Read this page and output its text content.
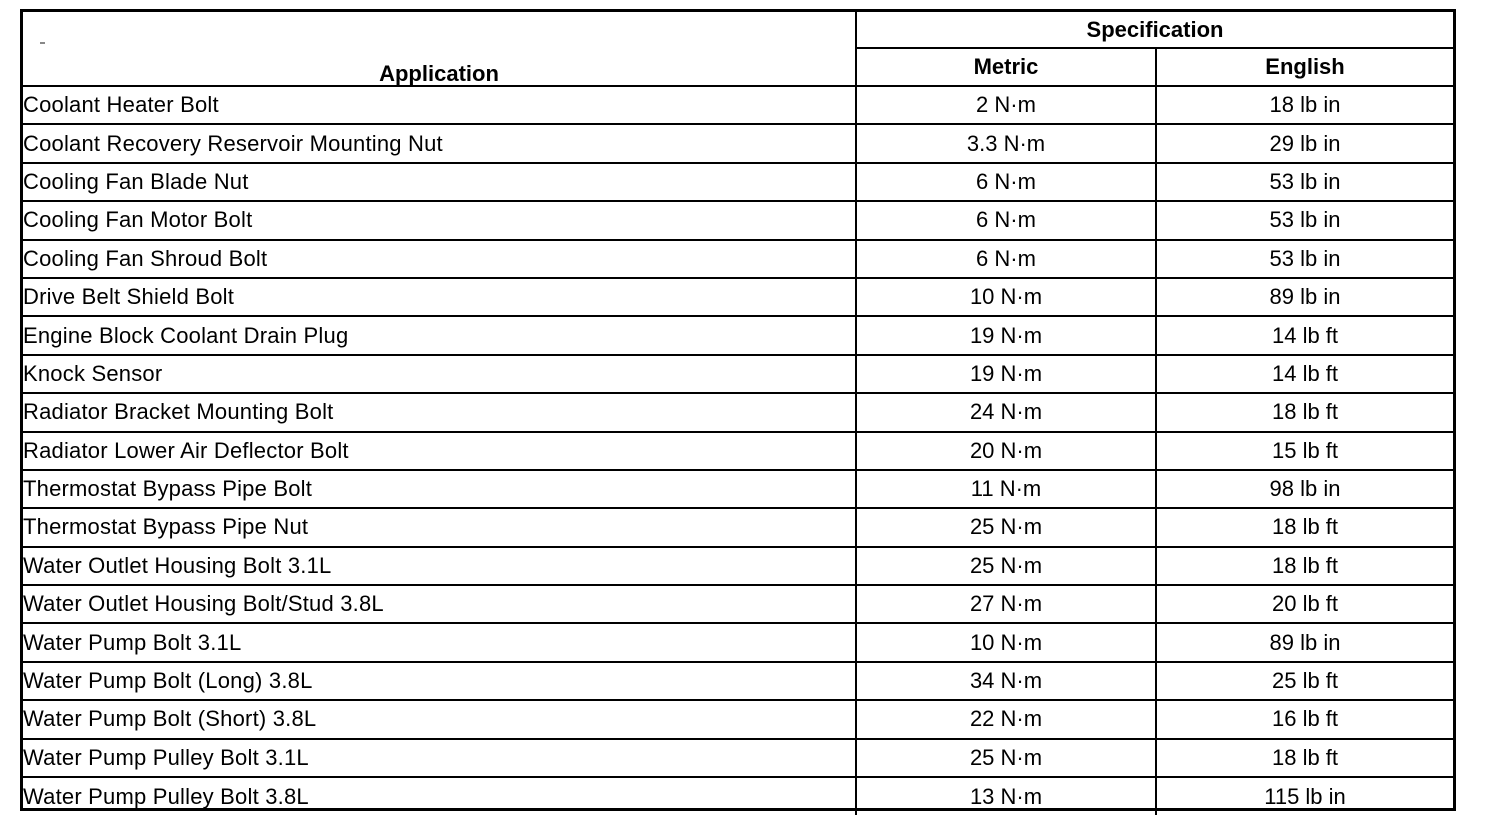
Application	Specification	
	Metric	English
Coolant Heater Bolt	2 N·m	18 lb in
Coolant Recovery Reservoir Mounting Nut	3.3 N·m	29 lb in
Cooling Fan Blade Nut	6 N·m	53 lb in
Cooling Fan Motor Bolt	6 N·m	53 lb in
Cooling Fan Shroud Bolt	6 N·m	53 lb in
Drive Belt Shield Bolt	10 N·m	89 lb in
Engine Block Coolant Drain Plug	19 N·m	14 lb ft
Knock Sensor	19 N·m	14 lb ft
Radiator Bracket Mounting Bolt	24 N·m	18 lb ft
Radiator Lower Air Deflector Bolt	20 N·m	15 lb ft
Thermostat Bypass Pipe Bolt	11 N·m	98 lb in
Thermostat Bypass Pipe Nut	25 N·m	18 lb ft
Water Outlet Housing Bolt 3.1L	25 N·m	18 lb ft
Water Outlet Housing Bolt/Stud 3.8L	27 N·m	20 lb ft
Water Pump Bolt 3.1L	10 N·m	89 lb in
Water Pump Bolt (Long) 3.8L	34 N·m	25 lb ft
Water Pump Bolt (Short) 3.8L	22 N·m	16 lb ft
Water Pump Pulley Bolt 3.1L	25 N·m	18 lb ft
Water Pump Pulley Bolt 3.8L	13 N·m	115 lb in
